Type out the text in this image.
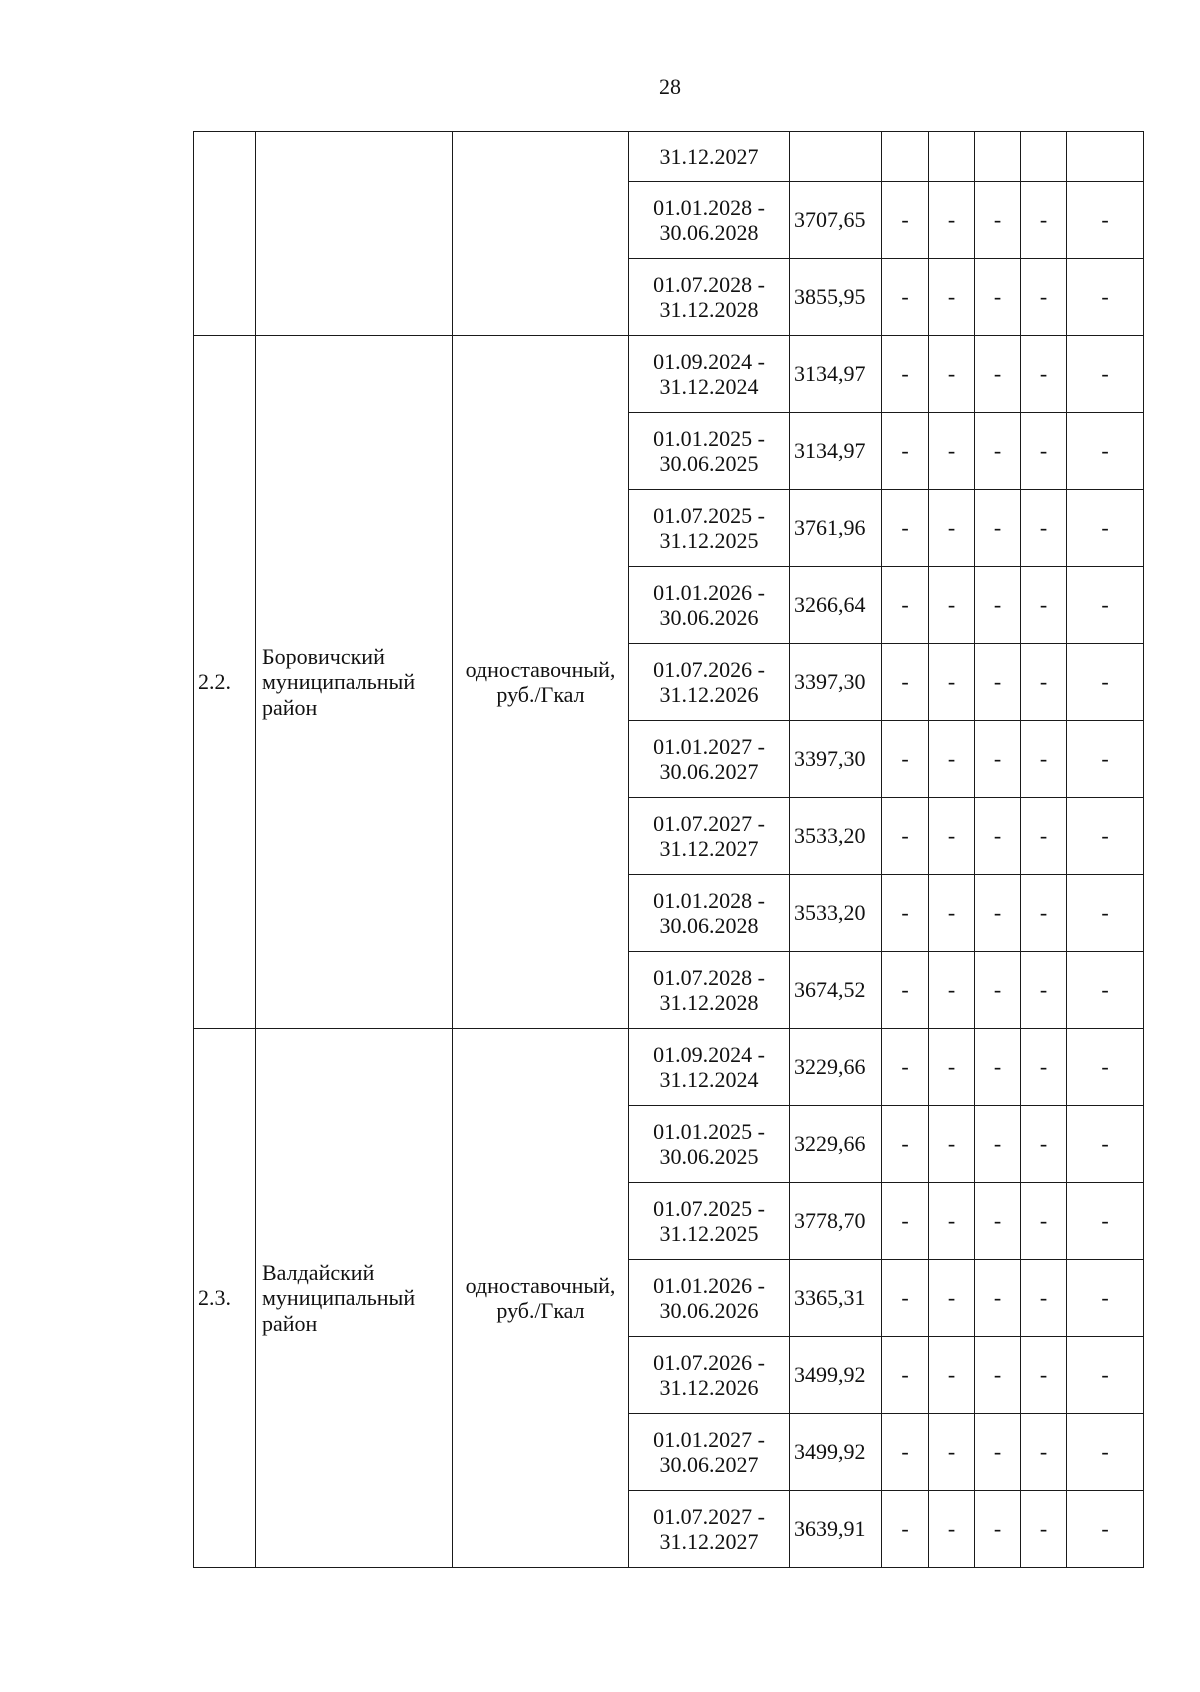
28

			31.12.2027						

			01.01.2028 -
30.06.2028	3707,65	-	-	-	-	-

			01.07.2028 -
31.12.2028	3855,95	-	-	-	-	-
2.2.	Боровичский муниципальный район	одноставочный, руб./Гкал	01.09.2024 -
31.12.2024	3134,97	-	-	-	-	-

			01.01.2025 -
30.06.2025	3134,97	-	-	-	-	-

			01.07.2025 -
31.12.2025	3761,96	-	-	-	-	-

			01.01.2026 -
30.06.2026	3266,64	-	-	-	-	-

			01.07.2026 -
31.12.2026	3397,30	-	-	-	-	-

			01.01.2027 -
30.06.2027	3397,30	-	-	-	-	-

			01.07.2027 -
31.12.2027	3533,20	-	-	-	-	-

			01.01.2028 -
30.06.2028	3533,20	-	-	-	-	-

			01.07.2028 -
31.12.2028	3674,52	-	-	-	-	-
2.3.	Валдайский муниципальный район	одноставочный, руб./Гкал	01.09.2024 -
31.12.2024	3229,66	-	-	-	-	-

			01.01.2025 -
30.06.2025	3229,66	-	-	-	-	-

			01.07.2025 -
31.12.2025	3778,70	-	-	-	-	-

			01.01.2026 -
30.06.2026	3365,31	-	-	-	-	-

			01.07.2026 -
31.12.2026	3499,92	-	-	-	-	-

			01.01.2027 -
30.06.2027	3499,92	-	-	-	-	-

			01.07.2027 -
31.12.2027	3639,91	-	-	-	-	-
